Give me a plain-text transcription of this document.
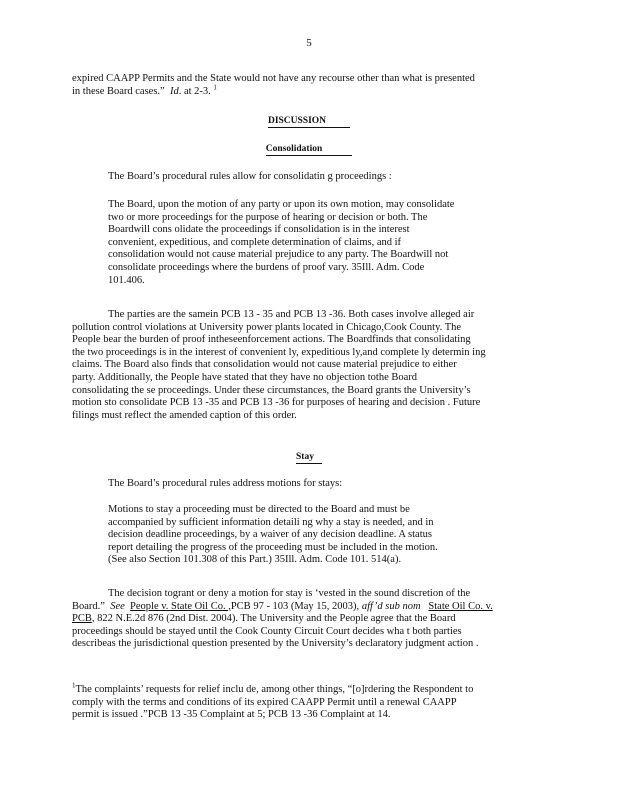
5
expired CAAPP Permits and the State would not have any recourse other than what is presented
in these Board cases.” Id. at 2-3. $^1$
DISCUSSION
Consolidation
The Board’s procedural rules allow for consolidatin g proceedings :
The Board, upon the motion of any party or upon its own motion, may consolidate
two or more proceedings for the purpose of hearing or decision or both. The
Boardwill cons olidate the proceedings if consolidation is in the interest
convenient, expeditious, and complete determination of claims, and if
consolidation would not cause material prejudice to any party. The Boardwill not
consolidate proceedings where the burdens of proof vary. 35Ill. Adm. Code
101.406.
The parties are the samein PCB 13 - 35 and PCB 13 -36. Both cases involve alleged air
pollution control violations at University power plants located in Chicago,Cook County. The
People bear the burden of proof intheseenforcement actions. The Boardfinds that consolidating
the two proceedings is in the interest of convenient ly, expeditious ly,and complete ly determin ing
claims. The Board also finds that consolidation would not cause material prejudice to either
party. Additionally, the People have stated that they have no objection tothe Board
consolidating the se proceedings. Under these circumstances, the Board grants the University’s
motion sto consolidate PCB 13 -35 and PCB 13 -36 for purposes of hearing and decision . Future
filings must reflect the amended caption of this order.
Stay
The Board’s procedural rules address motions for stays:
Motions to stay a proceeding must be directed to the Board and must be
accompanied by sufficient information detaili ng why a stay is needed, and in
decision deadline proceedings, by a waiver of any decision deadline. A status
report detailing the progress of the proceeding must be included in the motion.
(See also Section 101.308 of this Part.) 35Ill. Adm. Code 101. 514(a).
The decision togrant or deny a motion for stay is ‘vested in the sound discretion of the
Board.” See People v. State Oil Co. ,PCB 97 - 103 (May 15, 2003), aff’d sub nom State Oil Co. v.
PCB, 822 N.E.2d 876 (2nd Dist. 2004). The University and the People agree that the Board
proceedings should be stayed until the Cook County Circuit Court decides wha t both parties
describeas the jurisdictional question presented by the University’s declaratory judgment action .
$^1$The complaints’ requests for relief inclu de, among other things, “[o]rdering the Respondent to
comply with the terms and conditions of its expired CAAPP Permit until a renewal CAAPP
permit is issued .”PCB 13 -35 Complaint at 5; PCB 13 -36 Complaint at 14.
